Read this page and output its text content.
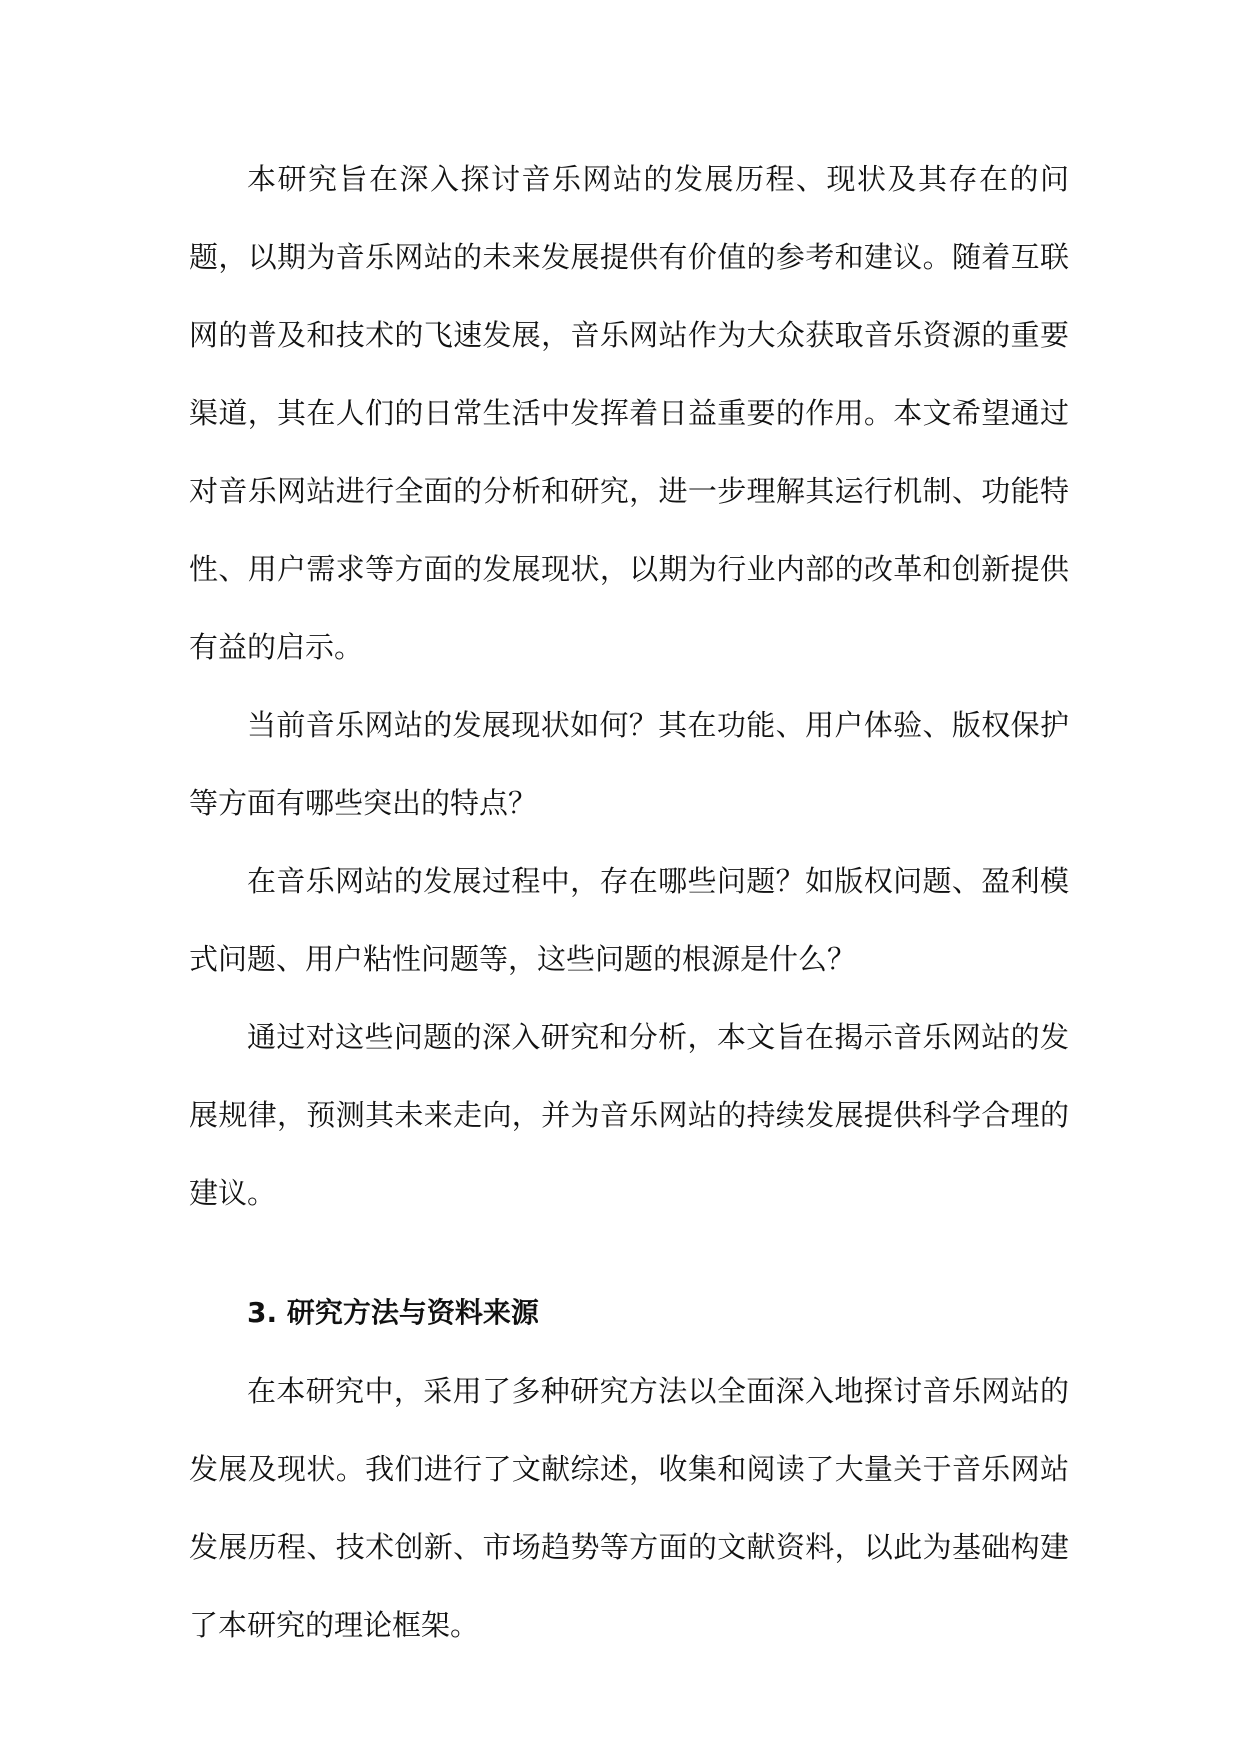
本研究旨在深入探讨音乐网站的发展历程、现状及其存在的问题，以期为音乐网站的未来发展提供有价值的参考和建议。随着互联网的普及和技术的飞速发展，音乐网站作为大众获取音乐资源的重要渠道，其在人们的日常生活中发挥着日益重要的作用。本文希望通过对音乐网站进行全面的分析和研究，进一步理解其运行机制、功能特性、用户需求等方面的发展现状，以期为行业内部的改革和创新提供有益的启示。

当前音乐网站的发展现状如何？其在功能、用户体验、版权保护等方面有哪些突出的特点？

在音乐网站的发展过程中，存在哪些问题？如版权问题、盈利模式问题、用户粘性问题等，这些问题的根源是什么？

通过对这些问题的深入研究和分析，本文旨在揭示音乐网站的发展规律，预测其未来走向，并为音乐网站的持续发展提供科学合理的建议。

3. 研究方法与资料来源

在本研究中，采用了多种研究方法以全面深入地探讨音乐网站的发展及现状。我们进行了文献综述，收集和阅读了大量关于音乐网站发展历程、技术创新、市场趋势等方面的文献资料，以此为基础构建了本研究的理论框架。
